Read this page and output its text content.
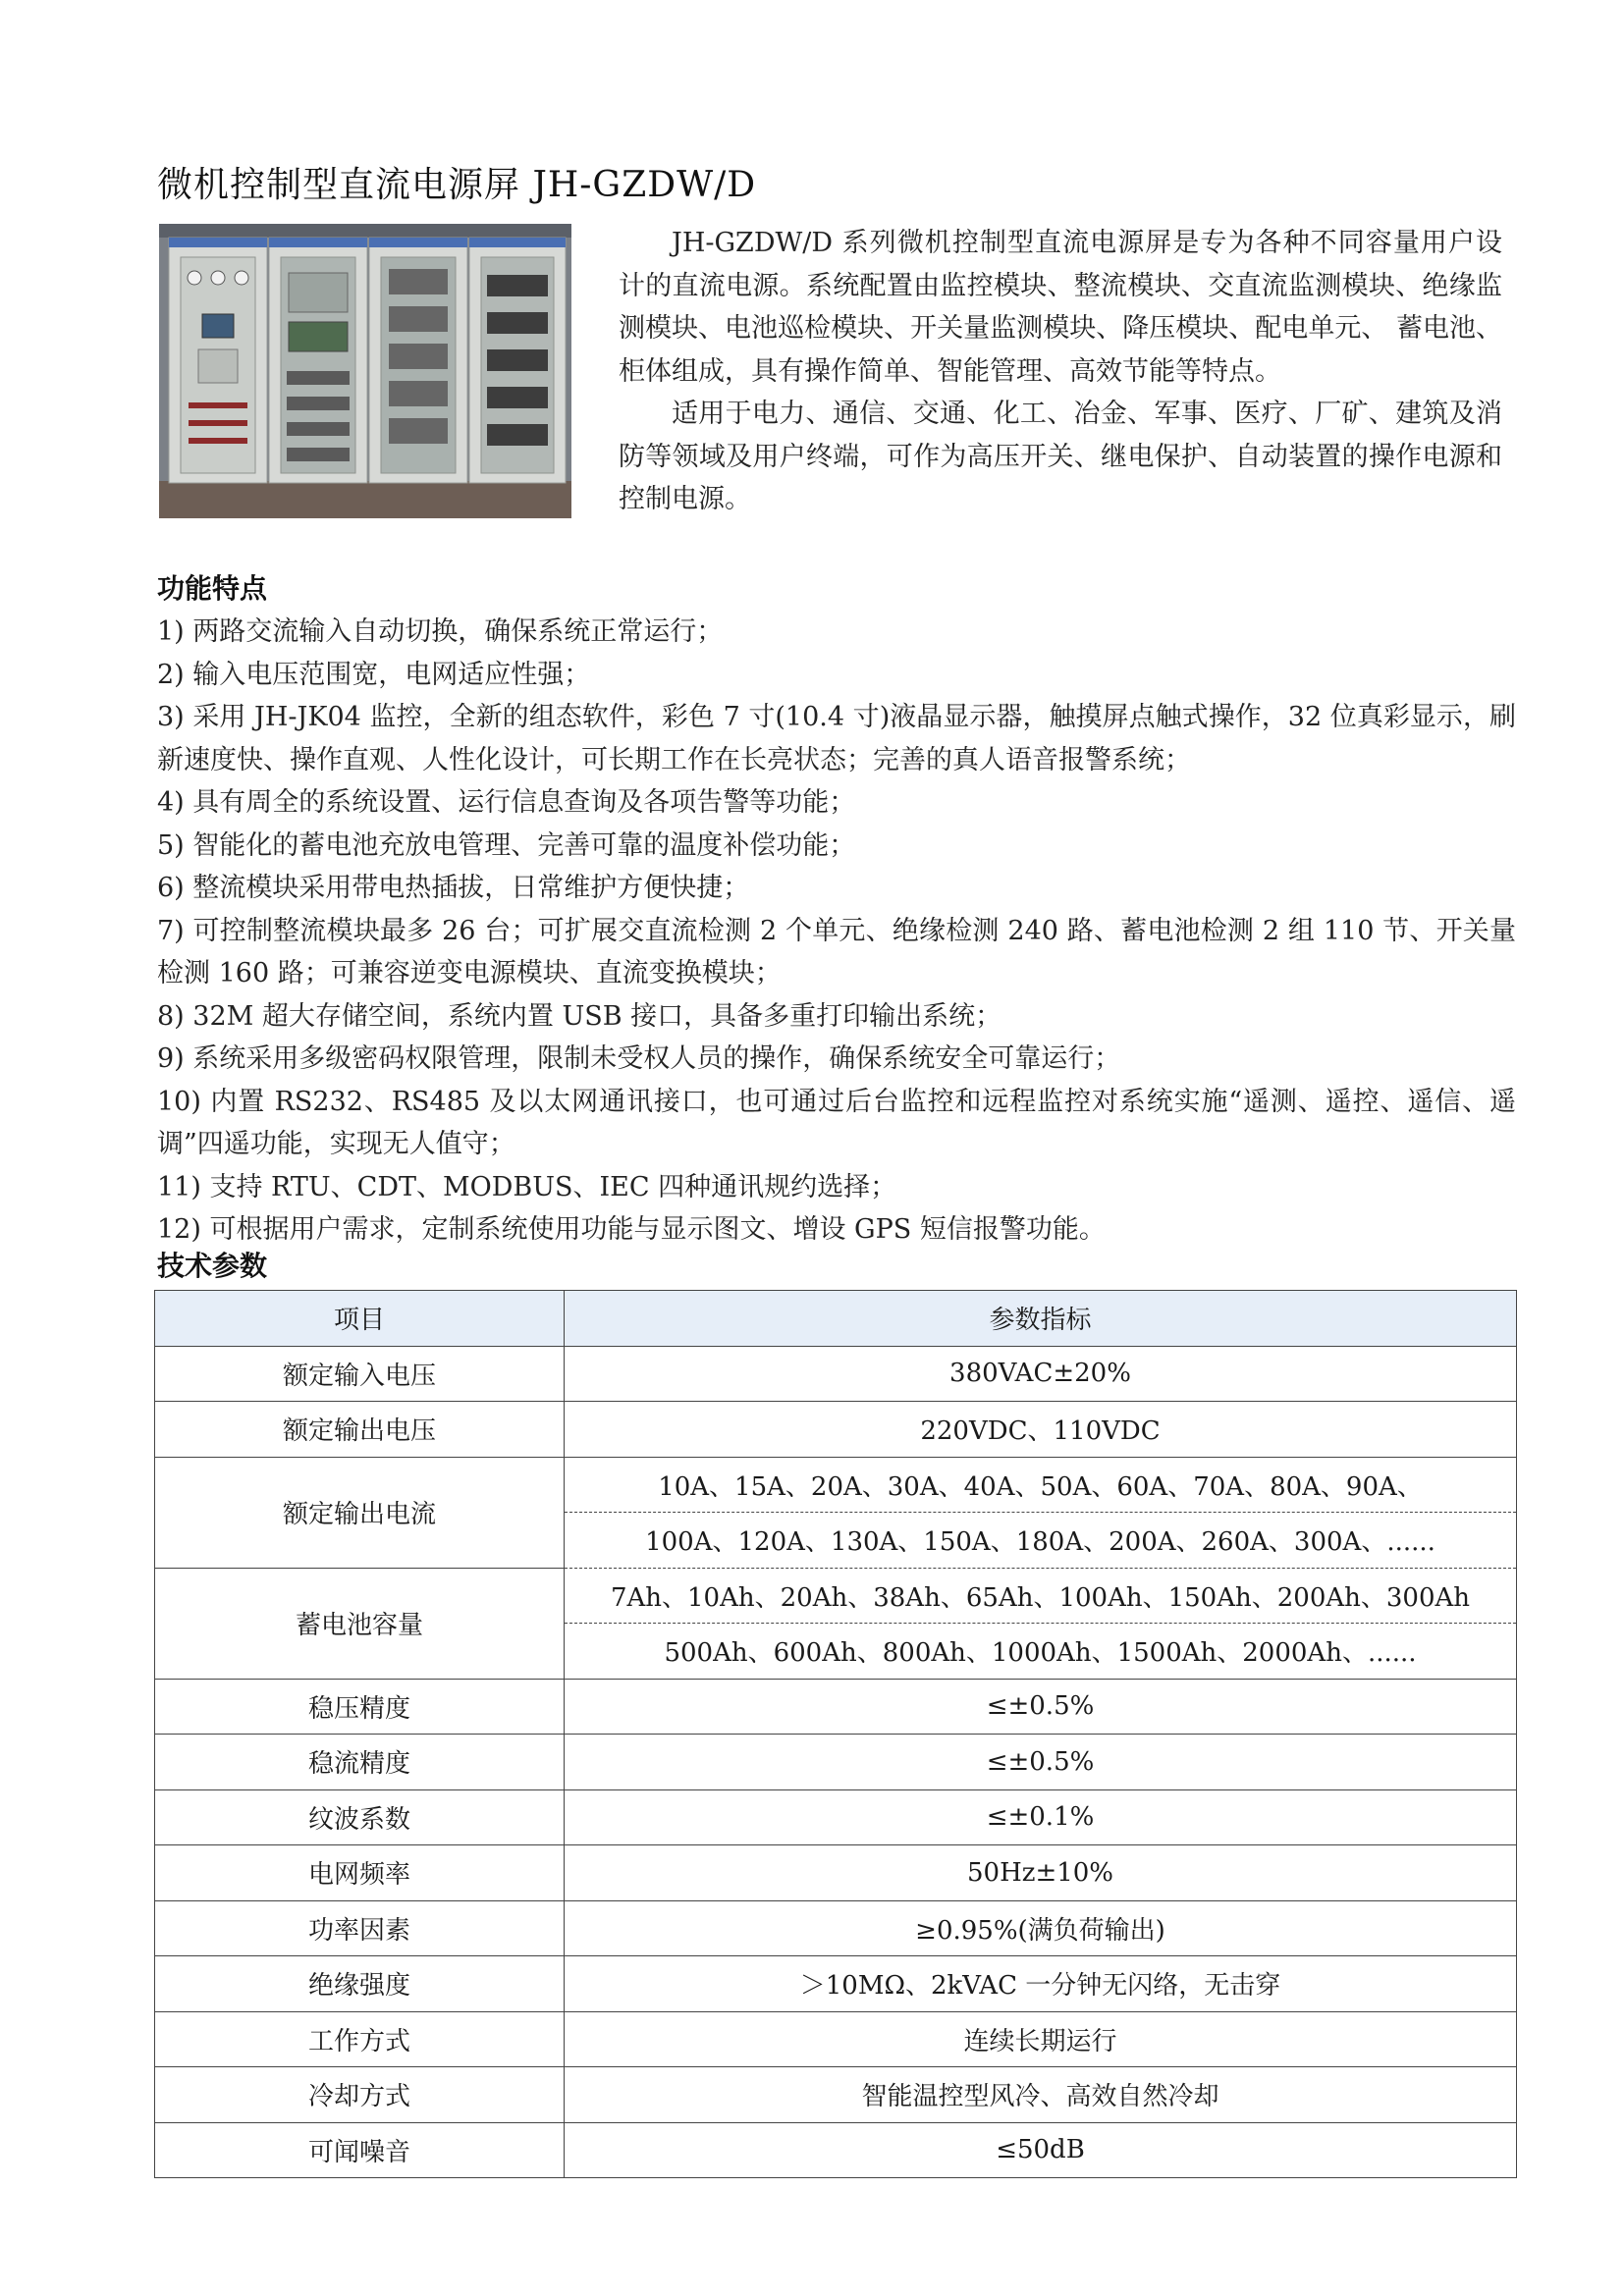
微机控制型直流电源屏 JH-GZDW/D

JH-GZDW/D 系列微机控制型直流电源屏是专为各种不同容量用户设计的直流电源。系统配置由监控模块、整流模块、交直流监测模块、绝缘监测模块、电池巡检模块、开关量监测模块、降压模块、配电单元、 蓄电池、柜体组成，具有操作简单、智能管理、高效节能等特点。

适用于电力、通信、交通、化工、冶金、军事、医疗、厂矿、建筑及消防等领域及用户终端，可作为高压开关、继电保护、自动装置的操作电源和控制电源。

功能特点
1) 两路交流输入自动切换，确保系统正常运行；
2) 输入电压范围宽，电网适应性强；
3) 采用 JH-JK04 监控，全新的组态软件，彩色 7 寸(10.4 寸)液晶显示器，触摸屏点触式操作，32 位真彩显示，刷新速度快、操作直观、人性化设计，可长期工作在长亮状态；完善的真人语音报警系统；
4) 具有周全的系统设置、运行信息查询及各项告警等功能；
5) 智能化的蓄电池充放电管理、完善可靠的温度补偿功能；
6) 整流模块采用带电热插拔，日常维护方便快捷；
7) 可控制整流模块最多 26 台；可扩展交直流检测 2 个单元、绝缘检测 240 路、蓄电池检测 2 组 110 节、开关量检测 160 路；可兼容逆变电源模块、直流变换模块；
8) 32M 超大存储空间，系统内置 USB 接口，具备多重打印输出系统；
9) 系统采用多级密码权限管理，限制未受权人员的操作，确保系统安全可靠运行；
10) 内置 RS232、RS485 及以太网通讯接口，也可通过后台监控和远程监控对系统实施“遥测、遥控、遥信、遥 调”四遥功能，实现无人值守；
11) 支持 RTU、CDT、MODBUS、IEC 四种通讯规约选择；
12) 可根据用户需求，定制系统使用功能与显示图文、增设 GPS 短信报警功能。
技术参数
项目	参数指标
额定输入电压	380VAC±20%
额定输出电压	220VDC、110VDC
额定输出电流	10A、15A、20A、30A、40A、50A、60A、70A、80A、90A、
	100A、120A、130A、150A、180A、200A、260A、300A、......
蓄电池容量	7Ah、10Ah、20Ah、38Ah、65Ah、100Ah、150Ah、200Ah、300Ah
	500Ah、600Ah、800Ah、1000Ah、1500Ah、2000Ah、......
稳压精度	≤±0.5%
稳流精度	≤±0.5%
纹波系数	≤±0.1%
电网频率	50Hz±10%
功率因素	≥0.95%(满负荷输出)
绝缘强度	＞10MΩ、2kVAC 一分钟无闪络，无击穿
工作方式	连续长期运行
冷却方式	智能温控型风冷、高效自然冷却
可闻噪音	≤50dB
